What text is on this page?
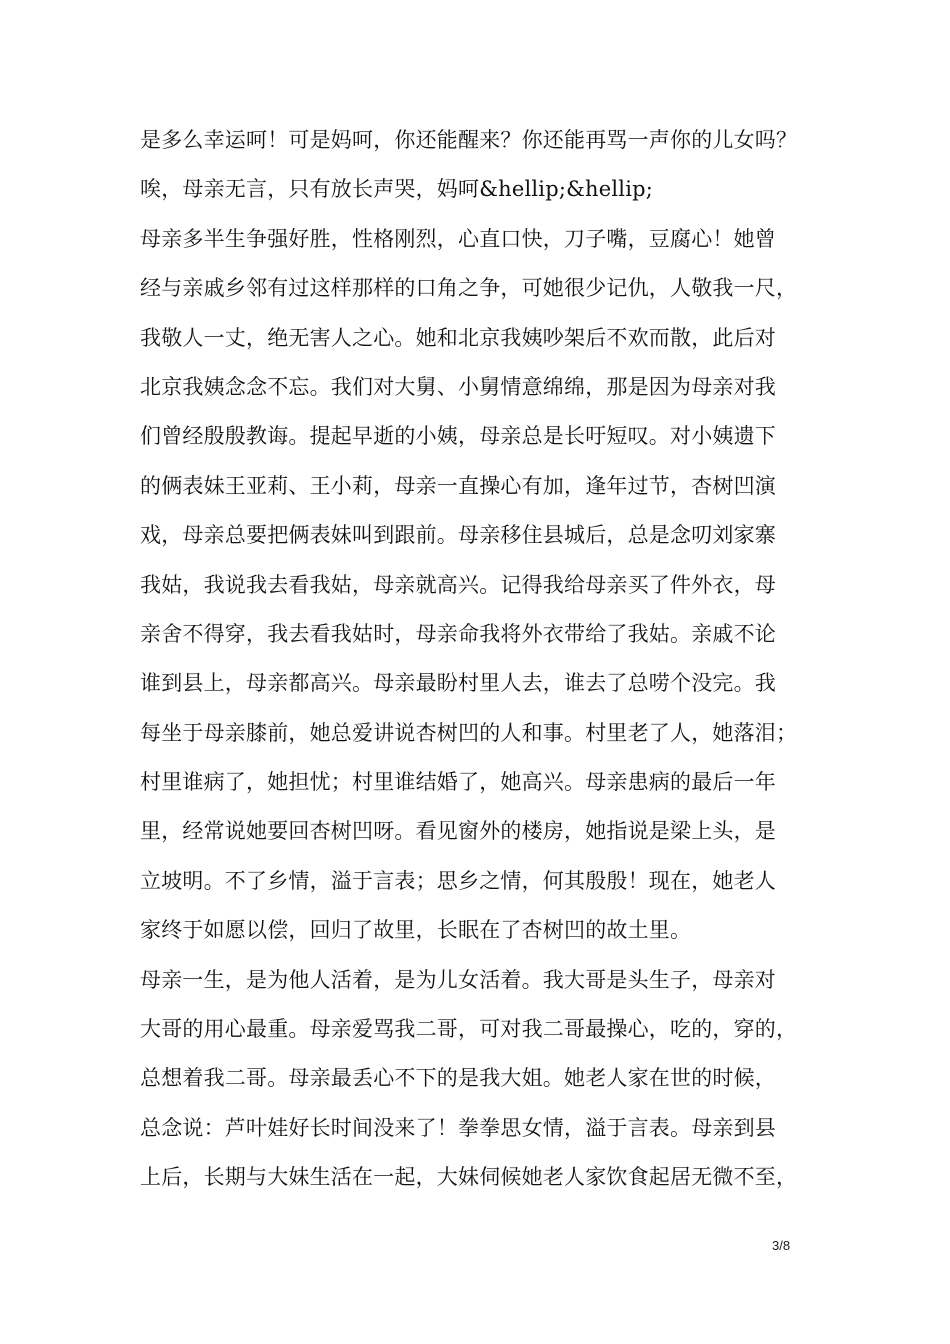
是多么幸运呵！可是妈呵，你还能醒来？你还能再骂一声你的儿女吗？
唉，母亲无言，只有放长声哭，妈呵&hellip;&hellip;
母亲多半生争强好胜，性格刚烈，心直口快，刀子嘴，豆腐心！她曾
经与亲戚乡邻有过这样那样的口角之争，可她很少记仇，人敬我一尺，
我敬人一丈，绝无害人之心。她和北京我姨吵架后不欢而散，此后对
北京我姨念念不忘。我们对大舅、小舅情意绵绵，那是因为母亲对我
们曾经殷殷教诲。提起早逝的小姨，母亲总是长吁短叹。对小姨遗下
的俩表妹王亚莉、王小莉，母亲一直操心有加，逢年过节，杏树凹演
戏，母亲总要把俩表妹叫到跟前。母亲移住县城后，总是念叨刘家寨
我姑，我说我去看我姑，母亲就高兴。记得我给母亲买了件外衣，母
亲舍不得穿，我去看我姑时，母亲命我将外衣带给了我姑。亲戚不论
谁到县上，母亲都高兴。母亲最盼村里人去，谁去了总唠个没完。我
每坐于母亲膝前，她总爱讲说杏树凹的人和事。村里老了人，她落泪；
村里谁病了，她担忧；村里谁结婚了，她高兴。母亲患病的最后一年
里，经常说她要回杏树凹呀。看见窗外的楼房，她指说是梁上头，是
立坡明。不了乡情，溢于言表；思乡之情，何其殷殷！现在，她老人
家终于如愿以偿，回归了故里，长眠在了杏树凹的故土里。
母亲一生，是为他人活着，是为儿女活着。我大哥是头生子，母亲对
大哥的用心最重。母亲爱骂我二哥，可对我二哥最操心，吃的，穿的，
总想着我二哥。母亲最丢心不下的是我大姐。她老人家在世的时候，
总念说：芦叶娃好长时间没来了！拳拳思女情，溢于言表。母亲到县
上后，长期与大妹生活在一起，大妹伺候她老人家饮食起居无微不至，
3/8
